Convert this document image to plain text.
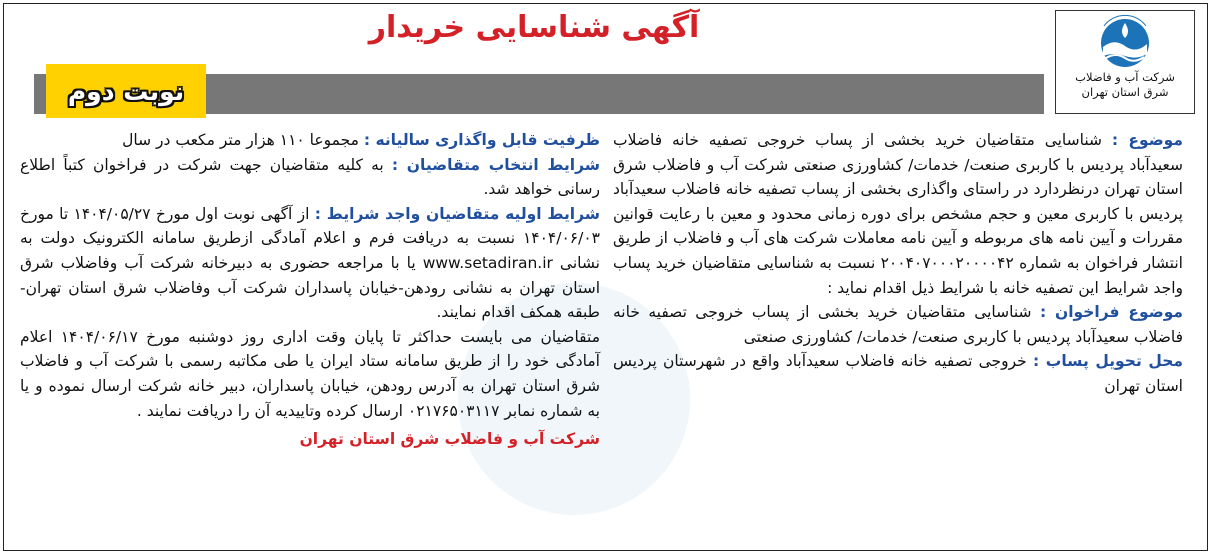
شرکت آب و فاضلاب
شرق استان تهران
آگهی شناسایی خریدار
نوبت دوم
موضوع : شناسایی متقاضیان خرید بخشی از پساب خروجی تصفیه خانه فاضلاب سعیدآباد پردیس با کاربری صنعت/ خدمات/ کشاورزی صنعتی شرکت آب و فاضلاب شرق استان تهران درنظردارد در راستای واگذاری بخشی از پساب تصفیه خانه فاضلاب سعیدآباد پردیس با کاربری معین و حجم مشخص برای دوره زمانی محدود و معین با رعایت قوانین مقررات و آیین نامه های مربوطه و آیین نامه معاملات شرکت های آب و فاضلاب از طریق انتشار فراخوان به شماره ۲۰۰۴۰۷۰۰۰۲۰۰۰۰۴۲ نسبت به شناسایی متقاضیان خرید پساب واجد شرایط این تصفیه خانه با شرایط ذیل اقدام نماید :
موضوع فراخوان : شناسایی متقاضیان خرید بخشی از پساب خروجی تصفیه خانه فاضلاب سعیدآباد پردیس با کاربری صنعت/ خدمات/ کشاورزی صنعتی
محل تحویل پساب : خروجی تصفیه خانه فاضلاب سعیدآباد واقع در شهرستان پردیس استان تهران
ظرفیت قابل واگذاری سالیانه : مجموعا ۱۱۰ هزار متر مکعب در سال
شرایط انتخاب متقاضیان : به کلیه متقاضیان جهت شرکت در فراخوان کتباً اطلاع رسانی خواهد شد.
شرایط اولیه متقاضیان واجد شرایط : از آگهی نوبت اول مورخ ۱۴۰۴/۰۵/۲۷ تا مورخ ۱۴۰۴/۰۶/۰۳ نسبت به دریافت فرم و اعلام آمادگی ازطریق سامانه الکترونیک دولت به نشانی www.setadiran.ir یا با مراجعه حضوری به دبیرخانه شرکت آب وفاضلاب شرق استان تهران به نشانی رودهن-خیابان پاسداران شرکت آب وفاضلاب شرق استان تهران- طبقه همکف اقدام نمایند.
متقاضیان می بایست حداکثر تا پایان وقت اداری روز دوشنبه مورخ ۱۴۰۴/۰۶/۱۷ اعلام آمادگی خود را از طریق سامانه ستاد ایران یا طی مکاتبه رسمی با شرکت آب و فاضلاب شرق استان تهران به آدرس رودهن، خیابان پاسداران، دبیر خانه شرکت ارسال نموده و یا به شماره نمابر ۰۲۱۷۶۵۰۳۱۱۷ ارسال کرده وتاییدیه آن را دریافت نمایند .
شرکت آب و فاضلاب شرق استان تهران
